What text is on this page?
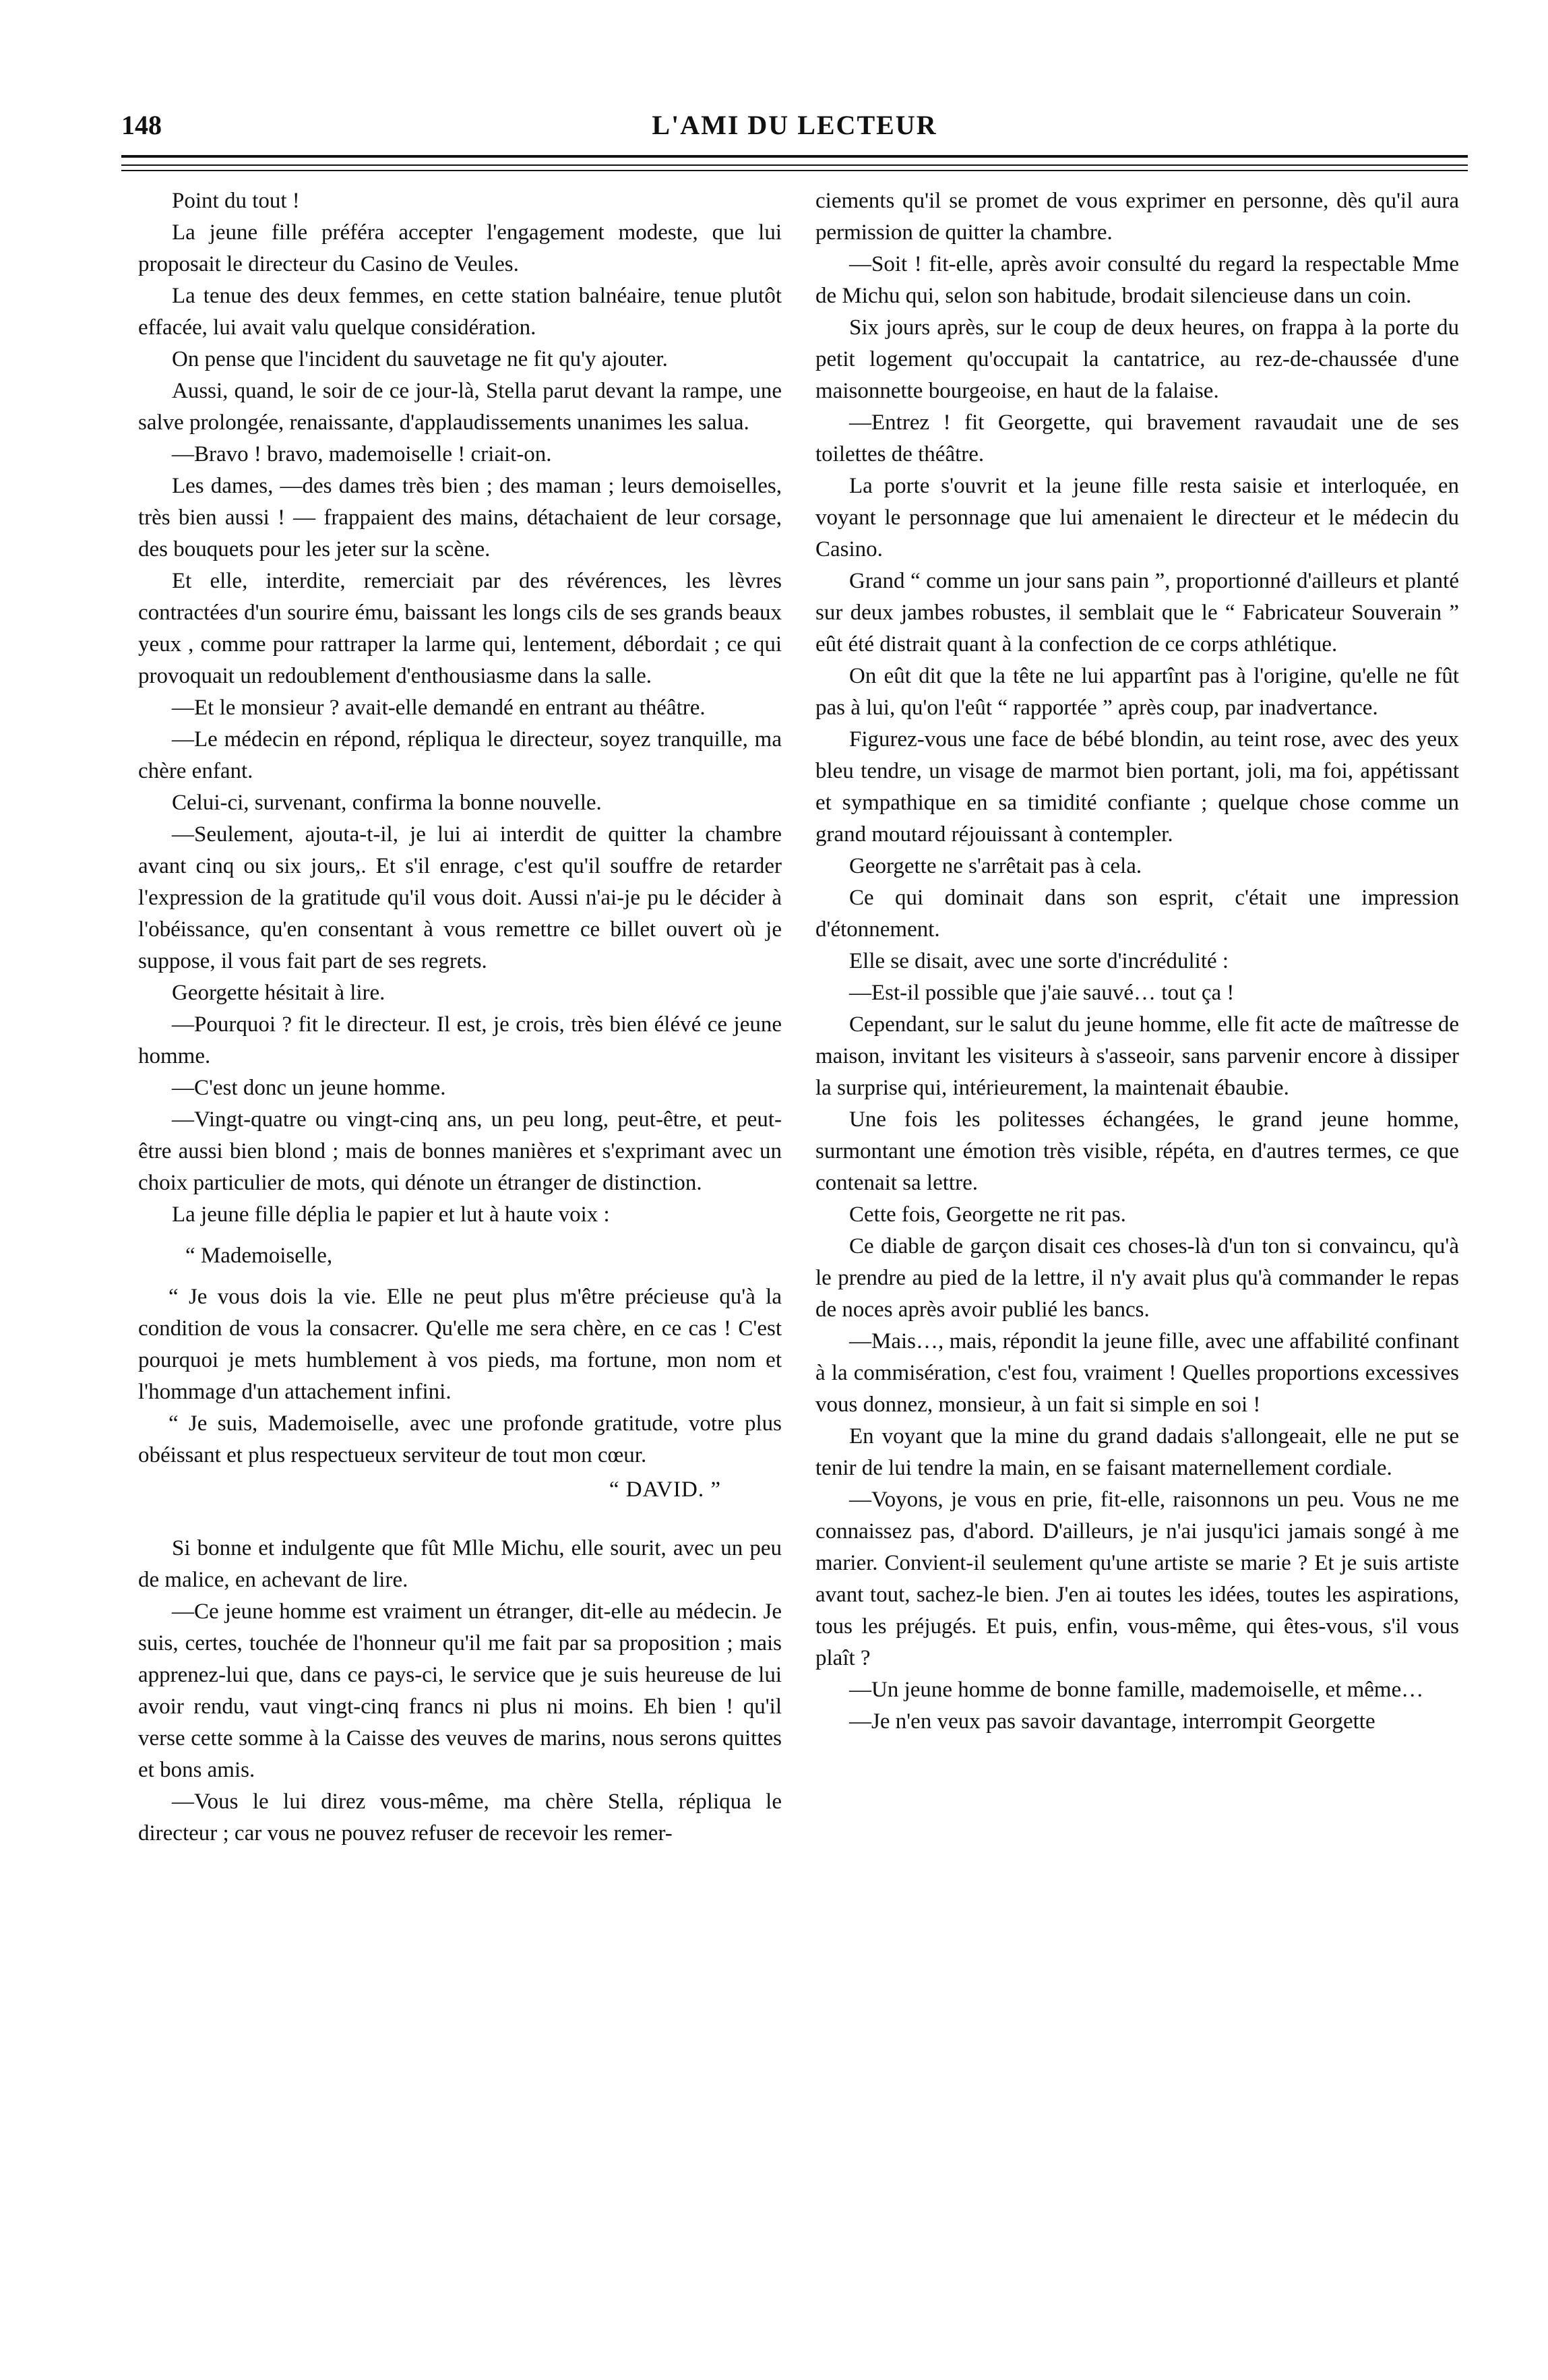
148	L'AMI DU LECTEUR

Point du tout !

La jeune fille préféra accepter l'engagement modeste, que lui proposait le directeur du Casino de Veules.

La tenue des deux femmes, en cette station balnéaire, tenue plutôt effacée, lui avait valu quelque considération.

On pense que l'incident du sauvetage ne fit qu'y ajouter.

Aussi, quand, le soir de ce jour-là, Stella parut devant la rampe, une salve prolongée, renaissante, d'applaudissements unanimes les salua.

—Bravo ! bravo, mademoiselle ! criait-on.

Les dames, —des dames très bien ; des maman ; leurs demoiselles, très bien aussi ! — frappaient des mains, détachaient de leur corsage, des bouquets pour les jeter sur la scène.

Et elle, interdite, remerciait par des révérences, les lèvres contractées d'un sourire ému, baissant les longs cils de ses grands beaux yeux , comme pour rattraper la larme qui, lentement, débordait ; ce qui provoquait un redoublement d'enthousiasme dans la salle.

—Et le monsieur ? avait-elle demandé en entrant au théâtre.

—Le médecin en répond, répliqua le directeur, soyez tranquille, ma chère enfant.

Celui-ci, survenant, confirma la bonne nouvelle.

—Seulement, ajouta-t-il, je lui ai interdit de quitter la chambre avant cinq ou six jours,. Et s'il enrage, c'est qu'il souffre de retarder l'expression de la gratitude qu'il vous doit. Aussi n'ai-je pu le décider à l'obéissance, qu'en consentant à vous remettre ce billet ouvert où je suppose, il vous fait part de ses regrets.

Georgette hésitait à lire.

—Pourquoi ? fit le directeur. Il est, je crois, très bien élévé ce jeune homme.

—C'est donc un jeune homme.

—Vingt-quatre ou vingt-cinq ans, un peu long, peut-être, et peut-être aussi bien blond ; mais de bonnes manières et s'exprimant avec un choix particulier de mots, qui dénote un étranger de distinction.

La jeune fille déplia le papier et lut à haute voix :

“ Mademoiselle,

“ Je vous dois la vie. Elle ne peut plus m'être précieuse qu'à la condition de vous la consacrer. Qu'elle me sera chère, en ce cas ! C'est pourquoi je mets humblement à vos pieds, ma fortune, mon nom et l'hommage d'un attachement infini.

“ Je suis, Mademoiselle, avec une profonde gratitude, votre plus obéissant et plus respectueux serviteur de tout mon cœur.

“ DAVID. ”

Si bonne et indulgente que fût Mlle Michu, elle sourit, avec un peu de malice, en achevant de lire.

—Ce jeune homme est vraiment un étranger, dit-elle au médecin. Je suis, certes, touchée de l'honneur qu'il me fait par sa proposition ; mais apprenez-lui que, dans ce pays-ci, le service que je suis heureuse de lui avoir rendu, vaut vingt-cinq francs ni plus ni moins. Eh bien ! qu'il verse cette somme à la Caisse des veuves de marins, nous serons quittes et bons amis.

—Vous le lui direz vous-même, ma chère Stella, répliqua le directeur ; car vous ne pouvez refuser de recevoir les remer-

ciements qu'il se promet de vous exprimer en personne, dès qu'il aura permission de quitter la chambre.

—Soit ! fit-elle, après avoir consulté du regard la respectable Mme de Michu qui, selon son habitude, brodait silencieuse dans un coin.

Six jours après, sur le coup de deux heures, on frappa à la porte du petit logement qu'occupait la cantatrice, au rez-de-chaussée d'une maisonnette bourgeoise, en haut de la falaise.

—Entrez ! fit Georgette, qui bravement ravaudait une de ses toilettes de théâtre.

La porte s'ouvrit et la jeune fille resta saisie et interloquée, en voyant le personnage que lui amenaient le directeur et le médecin du Casino.

Grand “ comme un jour sans pain ”, proportionné d'ailleurs et planté sur deux jambes robustes, il semblait que le “ Fabricateur Souverain ” eût été distrait quant à la confection de ce corps athlétique.

On eût dit que la tête ne lui appartînt pas à l'origine, qu'elle ne fût pas à lui, qu'on l'eût “ rapportée ” après coup, par inadvertance.

Figurez-vous une face de bébé blondin, au teint rose, avec des yeux bleu tendre, un visage de marmot bien portant, joli, ma foi, appétissant et sympathique en sa timidité confiante ; quelque chose comme un grand moutard réjouissant à contempler.

Georgette ne s'arrêtait pas à cela.

Ce qui dominait dans son esprit, c'était une impression d'étonnement.

Elle se disait, avec une sorte d'incrédulité :

—Est-il possible que j'aie sauvé… tout ça !

Cependant, sur le salut du jeune homme, elle fit acte de maîtresse de maison, invitant les visiteurs à s'asseoir, sans parvenir encore à dissiper la surprise qui, intérieurement, la maintenait ébaubie.

Une fois les politesses échangées, le grand jeune homme, surmontant une émotion très visible, répéta, en d'autres termes, ce que contenait sa lettre.

Cette fois, Georgette ne rit pas.

Ce diable de garçon disait ces choses-là d'un ton si convaincu, qu'à le prendre au pied de la lettre, il n'y avait plus qu'à commander le repas de noces après avoir publié les bancs.

—Mais…, mais, répondit la jeune fille, avec une affabilité confinant à la commisération, c'est fou, vraiment ! Quelles proportions excessives vous donnez, monsieur, à un fait si simple en soi !

En voyant que la mine du grand dadais s'allongeait, elle ne put se tenir de lui tendre la main, en se faisant maternellement cordiale.

—Voyons, je vous en prie, fit-elle, raisonnons un peu. Vous ne me connaissez pas, d'abord. D'ailleurs, je n'ai jusqu'ici jamais songé à me marier. Convient-il seulement qu'une artiste se marie ? Et je suis artiste avant tout, sachez-le bien. J'en ai toutes les idées, toutes les aspirations, tous les préjugés. Et puis, enfin, vous-même, qui êtes-vous, s'il vous plaît ?

—Un jeune homme de bonne famille, mademoiselle, et même…

—Je n'en veux pas savoir davantage, interrompit Georgette
